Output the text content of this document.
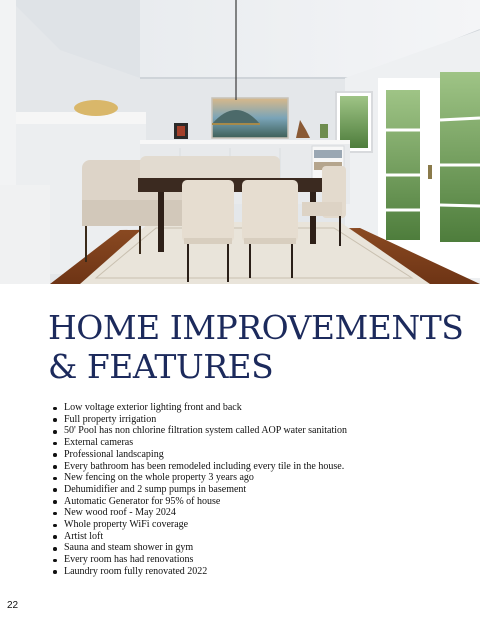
HOME IMPROVEMENTS
& FEATURES
Low voltage exterior lighting front and back
Full property irrigation
50' Pool has non chlorine filtration system called AOP water sanitation
External cameras
Professional landscaping
Every bathroom has been remodeled including every tile in the house.
New fencing on the whole property 3 years ago
Dehumidifier and 2 sump pumps in basement
Automatic Generator for 95% of house
New wood roof - May 2024
Whole property WiFi coverage
Artist loft
Sauna and steam shower in gym
Every room has had renovations
Laundry room fully renovated 2022
22
